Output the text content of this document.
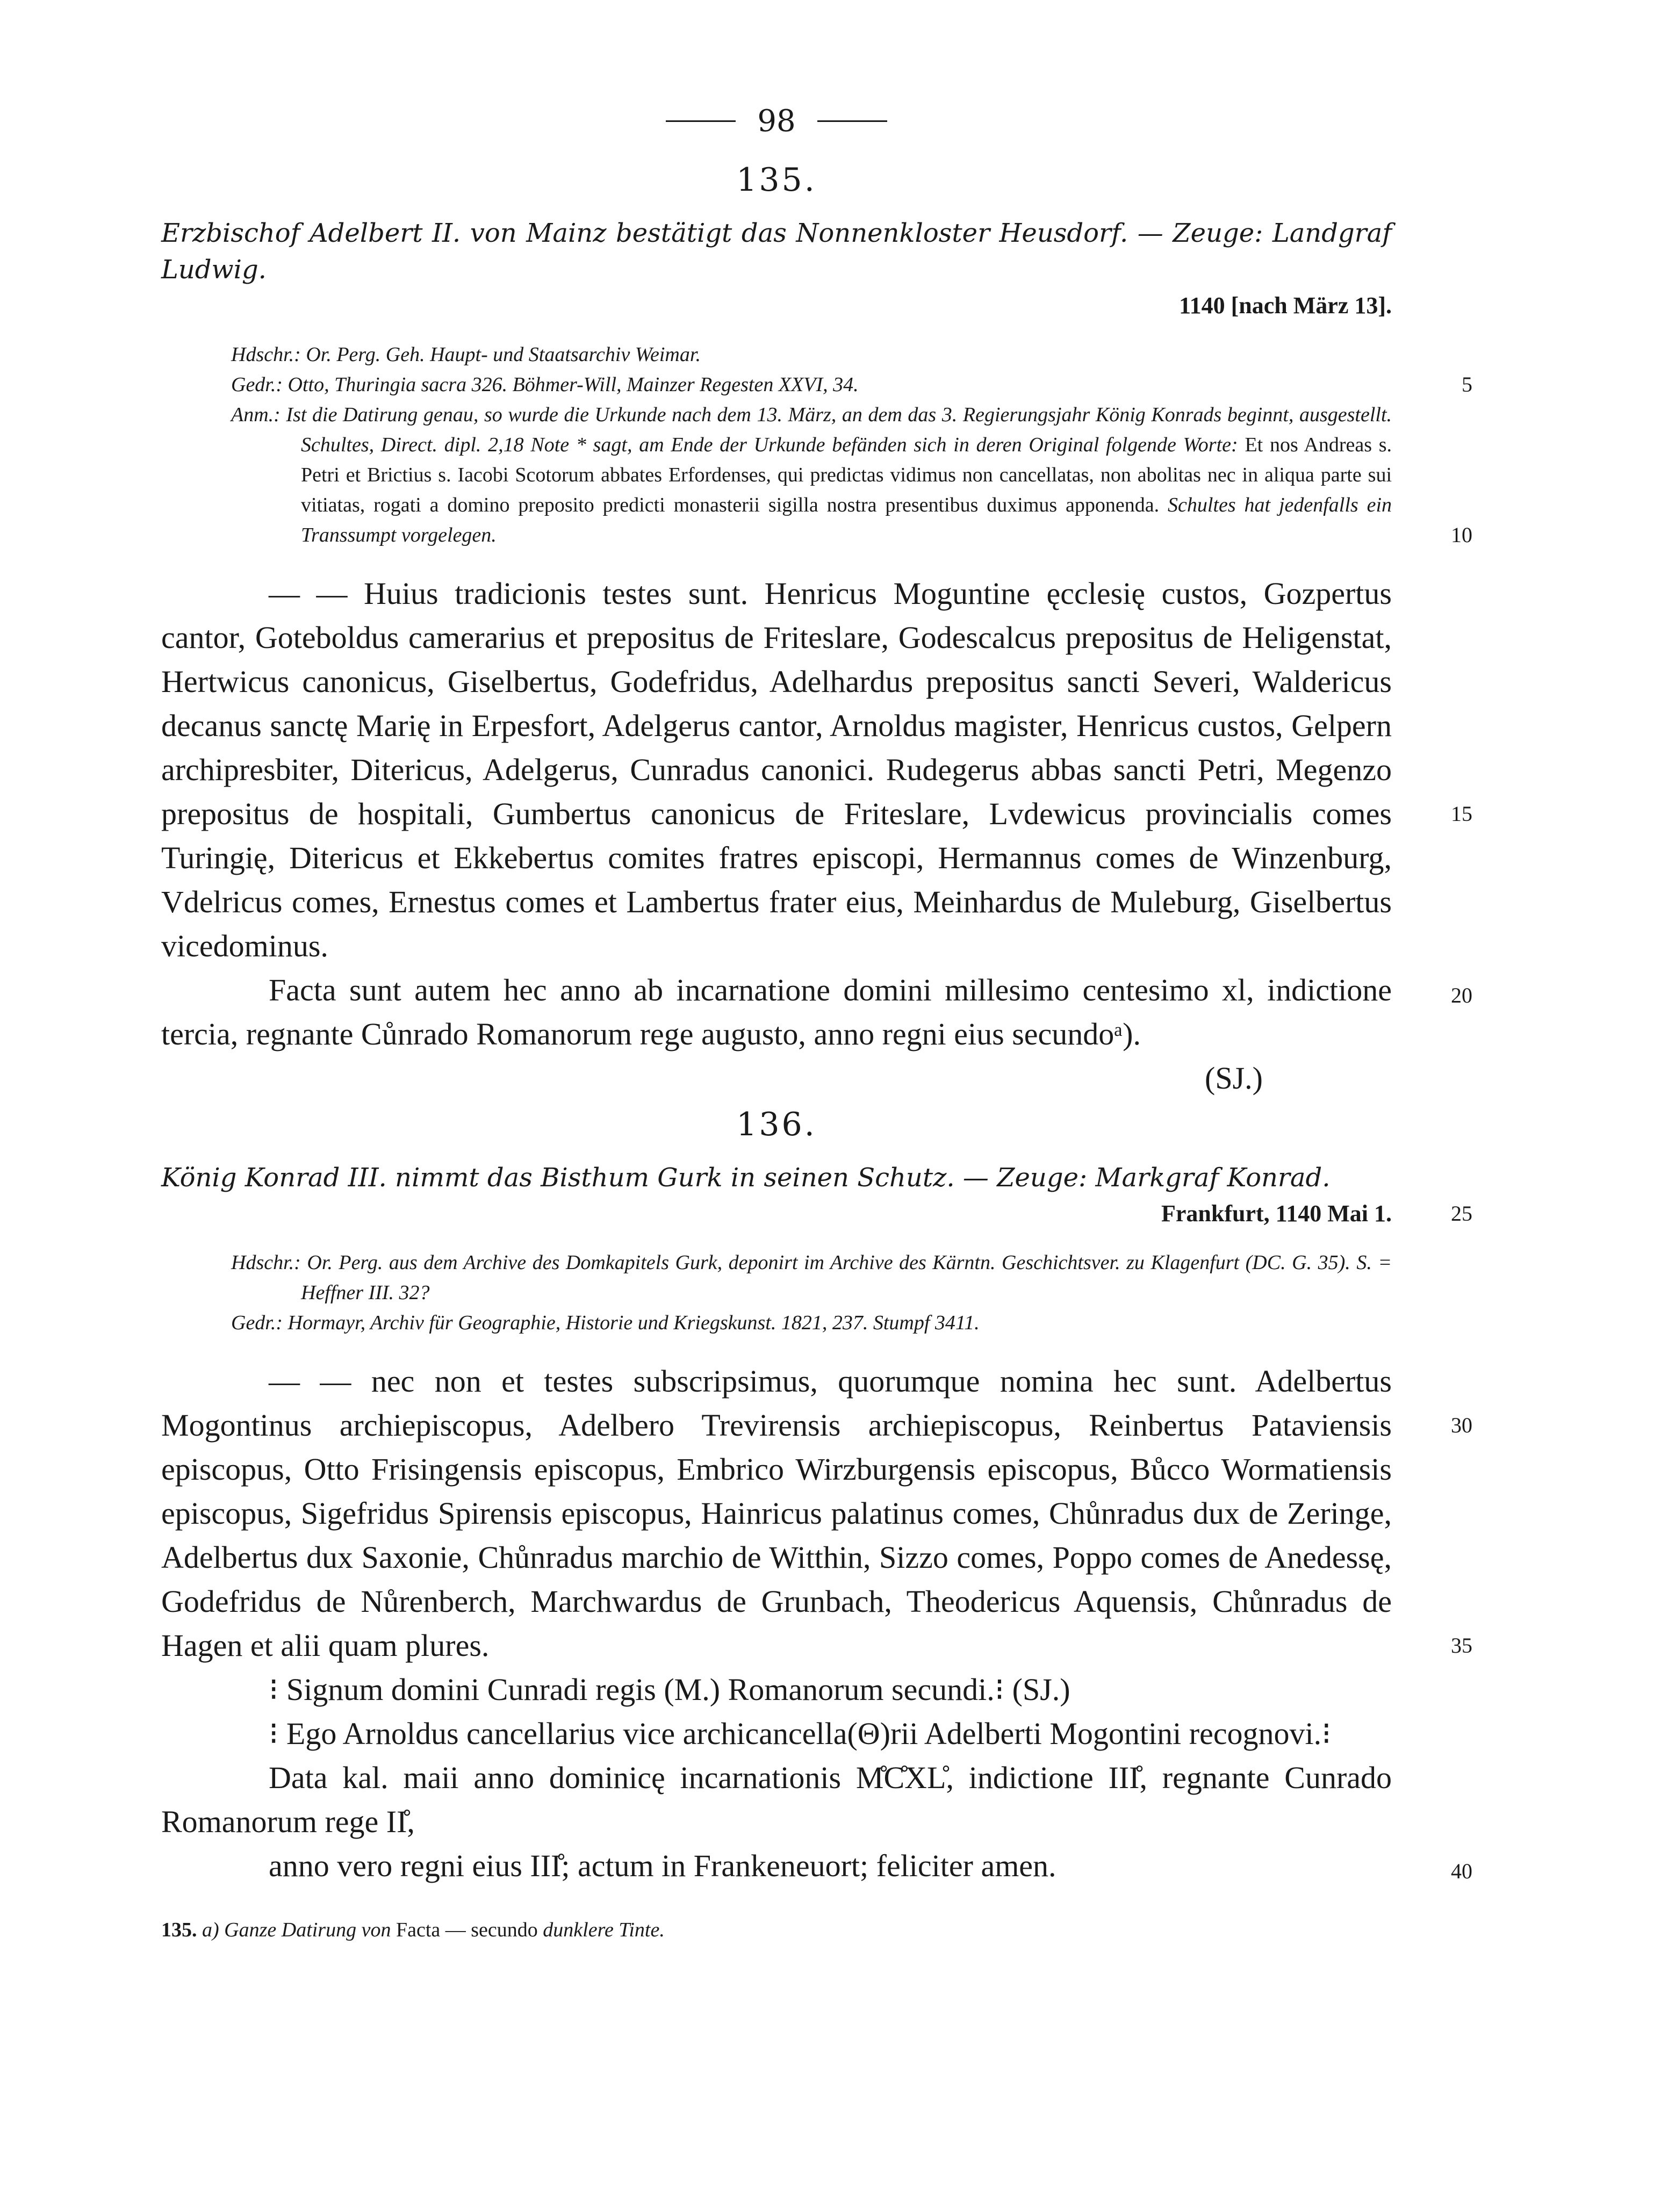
98
135.
Erzbischof Adelbert II. von Mainz bestätigt das Nonnenkloster Heusdorf. — Zeuge: Landgraf Ludwig.
1140 [nach März 13].
Hdschr.: Or. Perg. Geh. Haupt- und Staatsarchiv Weimar.
Gedr.: Otto, Thuringia sacra 326. Böhmer-Will, Mainzer Regesten XXVI, 34.	5
Anm.: Ist die Datirung genau, so wurde die Urkunde nach dem 13. März, an dem das 3. Regierungsjahr König Konrads beginnt, ausgestellt. Schultes, Direct. dipl. 2,18 Note * sagt, am Ende der Urkunde befänden sich in deren Original folgende Worte: Et nos Andreas s. Petri et Brictius s. Iacobi Scotorum abbates Erfordenses, qui predictas vidimus non cancellatas, non abolitas nec in aliqua parte sui vitiatas, rogati a domino preposito predicti monasterii sigilla nostra presentibus duximus apponenda. Schultes hat jedenfalls ein Transsumpt vorgelegen.	10
— — Huius tradicionis testes sunt. Henricus Moguntine ęcclesię custos, Gozpertus cantor, Goteboldus camerarius et prepositus de Friteslare, Godescalcus prepositus de Heligenstat, Hertwicus canonicus, Giselbertus, Godefridus, Adelhardus prepositus sancti Severi, Waldericus decanus sanctę Marię in Erpesfort, Adelgerus cantor, Arnoldus magister, Henricus custos, Gelpern archipresbiter, Ditericus, Adelgerus, Cunradus canonici. Rudegerus abbas sancti Petri, Megenzo prepositus de hospitali, Gumbertus canonicus de Friteslare, Lvdewicus provincialis comes Turingię, Ditericus et Ekkebertus comites fratres episcopi, Hermannus comes de Winzenburg, Vdelricus comes, Ernestus comes et Lambertus frater eius, Meinhardus de Muleburg, Giselbertus vicedominus.
15
Facta sunt autem hec anno ab incarnatione domini millesimo centesimo xl, indictione tercia, regnante Cůnrado Romanorum rege augusto, anno regni eius secundoᵃ).
20
(SJ.)
136.
König Konrad III. nimmt das Bisthum Gurk in seinen Schutz. — Zeuge: Markgraf Konrad.
Frankfurt, 1140 Mai 1.	25
Hdschr.: Or. Perg. aus dem Archive des Domkapitels Gurk, deponirt im Archive des Kärntn. Geschichtsver. zu Klagenfurt (DC. G. 35). S. = Heffner III. 32?
Gedr.: Hormayr, Archiv für Geographie, Historie und Kriegskunst. 1821, 237. Stumpf 3411.
— — nec non et testes subscripsimus, quorumque nomina hec sunt. Adelbertus Mogontinus archiepiscopus, Adelbero Trevirensis archiepiscopus, Reinbertus Pataviensis episcopus, Otto Frisingensis episcopus, Embrico Wirzburgensis episcopus, Bůcco Wormatiensis episcopus, Sigefridus Spirensis episcopus, Hainricus palatinus comes, Chůnradus dux de Zeringe, Adelbertus dux Saxonie, Chůnradus marchio de Witthin, Sizzo comes, Poppo comes de Anedessę, Godefridus de Nůrenberch, Marchwardus de Grunbach, Theodericus Aquensis, Chůnradus de Hagen et alii quam plures.
30
35
⁝ Signum domini Cunradi regis (M.) Romanorum secundi.⁝ (SJ.)
⁝ Ego Arnoldus cancellarius vice archicancella(Θ)rii Adelberti Mogontini recognovi.⁝
Data kal. maii anno dominicę incarnationis M̊C̊XL̊, indictione III̊, regnante Cunrado Romanorum rege II̊,
anno vero regni eius III̊; actum in Frankeneuort; feliciter amen.	40
135. a) Ganze Datirung von Facta — secundo dunklere Tinte.
